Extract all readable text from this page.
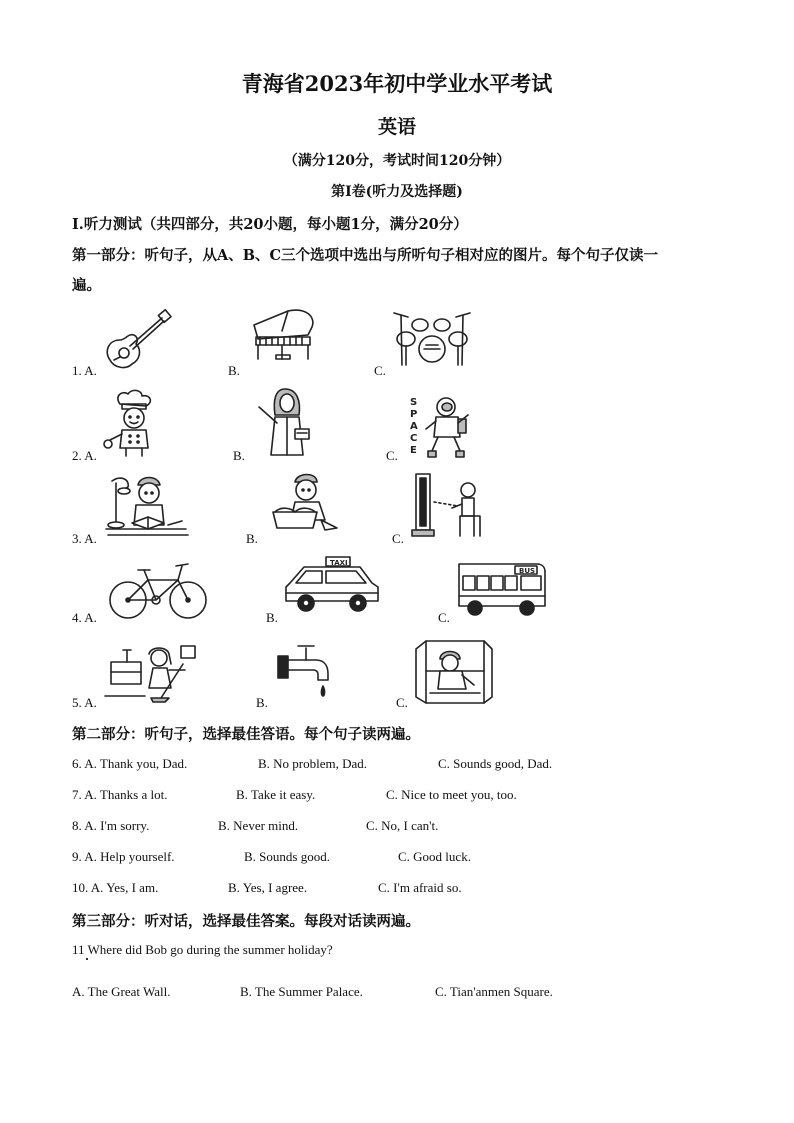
青海省2023年初中学业水平考试
英语
（满分120分，考试时间120分钟）
第I卷(听力及选择题)
I.听力测试（共四部分，共20小题，每小题1分，满分20分）
第一部分：听句子，从A、B、C三个选项中选出与所听句子相对应的图片。每个句子仅读一
遍。
1. A.	B.	C.
2. A.	B.	C.
S
P
A
C
E
3. A.	B.	C.
4. A.	B.	C.
TAXI
BUS
5. A.	B.	C.
第二部分：听句子，选择最佳答语。每个句子读两遍。
6. A. Thank you, Dad.	B. No problem, Dad.	C. Sounds good, Dad.
7. A. Thanks a lot.	B. Take it easy.	C. Nice to meet you, too.
8. A. I'm sorry.	B. Never mind.	C. No, I can't.
9. A. Help yourself.	B. Sounds good.	C. Good luck.
10. A. Yes, I am.	B. Yes, I agree.	C. I'm afraid so.
第三部分：听对话，选择最佳答案。每段对话读两遍。
11 Where did Bob go during the summer holiday?
A. The Great Wall.	B. The Summer Palace.	C. Tian'anmen Square.
